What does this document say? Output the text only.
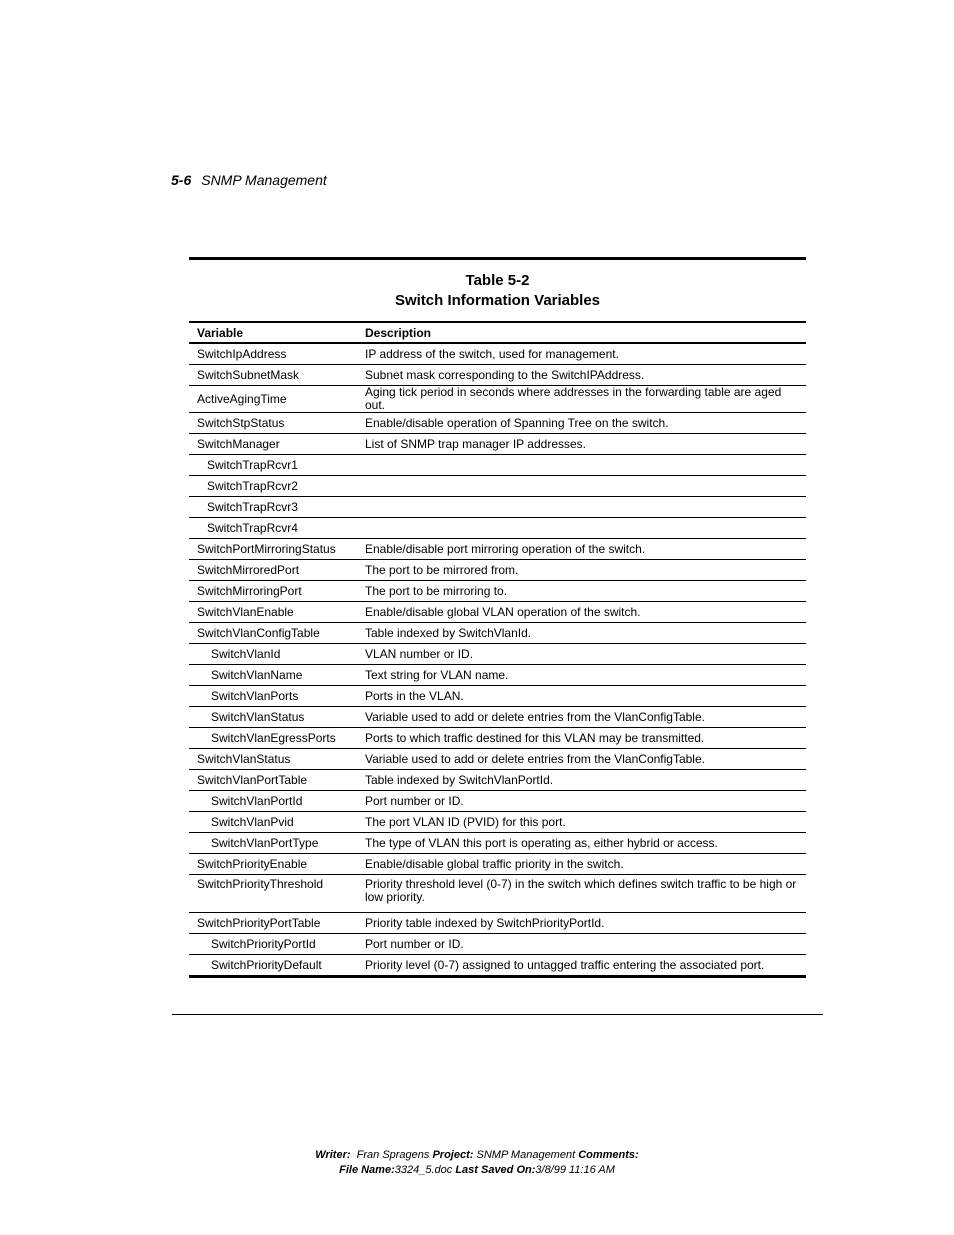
5-6 SNMP Management
Table 5-2
Switch Information Variables
Variable	Description
SwitchIpAddress	IP address of the switch, used for management.
SwitchSubnetMask	Subnet mask corresponding to the SwitchIPAddress.
ActiveAgingTime	Aging tick period in seconds where addresses in the forwarding table are aged out.
SwitchStpStatus	Enable/disable operation of Spanning Tree on the switch.
SwitchManager	List of SNMP trap manager IP addresses.
SwitchTrapRcvr1	
SwitchTrapRcvr2	
SwitchTrapRcvr3	
SwitchTrapRcvr4	
SwitchPortMirroringStatus	Enable/disable port mirroring operation of the switch.
SwitchMirroredPort	The port to be mirrored from.
SwitchMirroringPort	The port to be mirroring to.
SwitchVlanEnable	Enable/disable global VLAN operation of the switch.
SwitchVlanConfigTable	Table indexed by SwitchVlanId.
SwitchVlanId	VLAN number or ID.
SwitchVlanName	Text string for VLAN name.
SwitchVlanPorts	Ports in the VLAN.
SwitchVlanStatus	Variable used to add or delete entries from the VlanConfigTable.
SwitchVlanEgressPorts	Ports to which traffic destined for this VLAN may be transmitted.
SwitchVlanStatus	Variable used to add or delete entries from the VlanConfigTable.
SwitchVlanPortTable	Table indexed by SwitchVlanPortId.
SwitchVlanPortId	Port number or ID.
SwitchVlanPvid	The port VLAN ID (PVID) for this port.
SwitchVlanPortType	The type of VLAN this port is operating as, either hybrid or access.
SwitchPriorityEnable	Enable/disable global traffic priority in the switch.
SwitchPriorityThreshold	Priority threshold level (0-7) in the switch which defines switch traffic to be high or low priority.
SwitchPriorityPortTable	Priority table indexed by SwitchPriorityPortId.
SwitchPriorityPortId	Port number or ID.
SwitchPriorityDefault	Priority level (0-7) assigned to untagged traffic entering the associated port.
Writer: Fran Spragens Project: SNMP Management Comments:
File Name:3324_5.doc Last Saved On:3/8/99 11:16 AM
